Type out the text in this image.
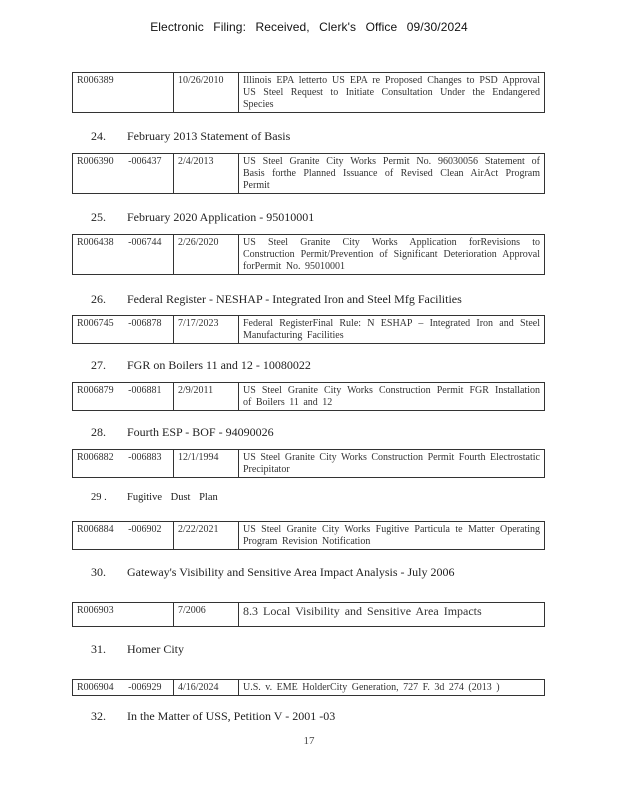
Electronic Filing: Received, Clerk's Office 09/30/2024
R006389	10/26/2010	Illinois EPA letterto US EPA re Proposed Changes to PSD Approval US Steel Request to Initiate Consultation Under the Endangered Species
24. February 2013 Statement of Basis
R006390 -006437	2/4/2013	US Steel Granite City Works Permit No. 96030056 Statement of Basis forthe Planned Issuance of Revised Clean AirAct Program Permit
25. February 2020 Application - 95010001
R006438 -006744	2/26/2020	US Steel Granite City Works Application forRevisions to Construction Permit/Prevention of Significant Deterioration Approval forPermit No. 95010001
26. Federal Register - NESHAP - Integrated Iron and Steel Mfg Facilities
R006745 -006878	7/17/2023	Federal RegisterFinal Rule: N ESHAP – Integrated Iron and Steel Manufacturing Facilities
27. FGR on Boilers 11 and 12 - 10080022
R006879 -006881	2/9/2011	US Steel Granite City Works Construction Permit FGR Installation of Boilers 11 and 12
28. Fourth ESP - BOF - 94090026
R006882 -006883	12/1/1994	US Steel Granite City Works Construction Permit Fourth Electrostatic Precipitator
29 . Fugitive Dust Plan
R006884 -006902	2/22/2021	US Steel Granite City Works Fugitive Particula te Matter Operating Program Revision Notification
30. Gateway's Visibility and Sensitive Area Impact Analysis - July 2006
R006903	7/2006	8.3 Local Visibility and Sensitive Area Impacts
31. Homer City
R006904 -006929	4/16/2024	U.S. v. EME HolderCity Generation, 727 F. 3d 274 (2013 )
32. In the Matter of USS, Petition V - 2001 -03
17
